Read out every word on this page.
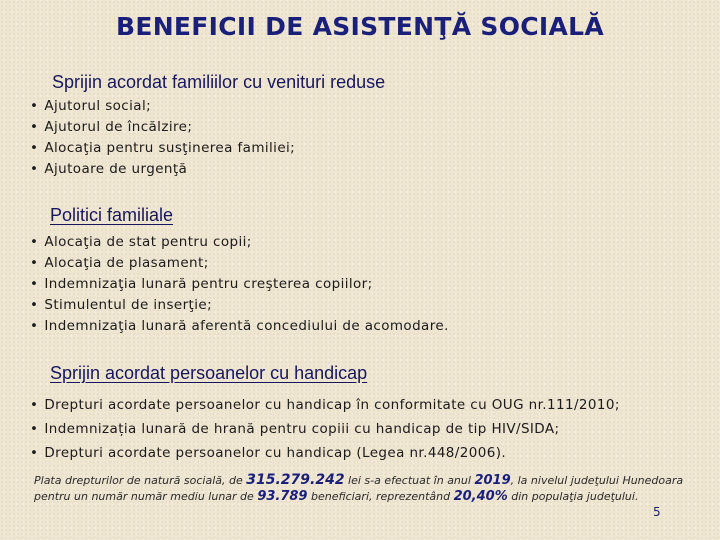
BENEFICII DE ASISTENŢĂ SOCIALĂ
Sprijin acordat familiilor cu venituri reduse
• Ajutorul social;
• Ajutorul de încălzire;
• Alocaţia pentru susţinerea familiei;
• Ajutoare de urgenţă
Politici familiale
• Alocaţia de stat pentru copii;
• Alocaţia de plasament;
• Indemnizaţia lunară pentru creşterea copiilor;
• Stimulentul de inserţie;
• Indemnizaţia lunară aferentă concediului de acomodare.
Sprijin acordat persoanelor cu handicap
• Drepturi acordate persoanelor cu handicap în conformitate cu OUG nr.111/2010;
• Indemnizația lunară de hrană pentru copiii cu handicap de tip HIV/SIDA;
• Drepturi acordate persoanelor cu handicap (Legea nr.448/2006).
Plata drepturilor de natură socială, de 315.279.242 lei s-a efectuat în anul 2019, la nivelul judeţului Hunedoara pentru un număr număr mediu lunar de 93.789 beneficiari, reprezentând 20,40% din populaţia judeţului.
5
